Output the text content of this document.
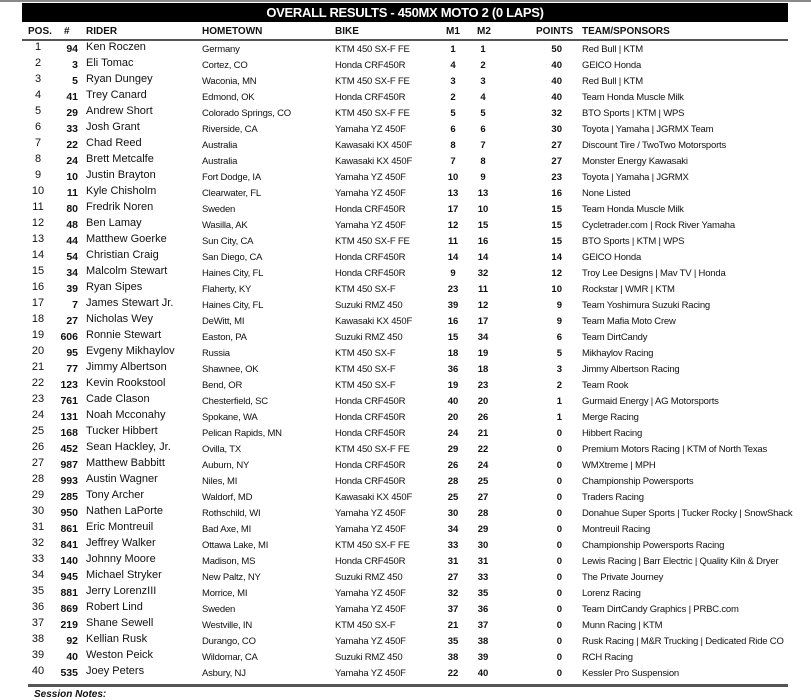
OVERALL RESULTS - 450MX MOTO 2 (0 LAPS)
POS. # RIDER	HOMETOWN	BIKE	M1 M2	POINTS TEAM/SPONSORS
1	94 Ken Roczen	Germany	KTM 450 SX-F FE	1	1	50 Red Bull | KTM
2	3 Eli Tomac	Cortez, CO	Honda CRF450R	4	2	40 GEICO Honda
3	5 Ryan Dungey	Waconia, MN	KTM 450 SX-F FE	3	3	40 Red Bull | KTM
4	41 Trey Canard	Edmond, OK	Honda CRF450R	2	4	40 Team Honda Muscle Milk
5	29 Andrew Short	Colorado Springs, CO	KTM 450 SX-F FE	5	5	32 BTO Sports | KTM | WPS
6	33 Josh Grant	Riverside, CA	Yamaha YZ 450F	6	6	30 Toyota | Yamaha | JGRMX Team
7	22 Chad Reed	Australia	Kawasaki KX 450F	8	7	27 Discount Tire / TwoTwo Motorsports
8	24 Brett Metcalfe	Australia	Kawasaki KX 450F	7	8	27 Monster Energy Kawasaki
9	10 Justin Brayton	Fort Dodge, IA	Yamaha YZ 450F	10	9	23 Toyota | Yamaha | JGRMX
10	11 Kyle Chisholm	Clearwater, FL	Yamaha YZ 450F	13	13	16 None Listed
11	80 Fredrik Noren	Sweden	Honda CRF450R	17	10	15 Team Honda Muscle Milk
12	48 Ben Lamay	Wasilla, AK	Yamaha YZ 450F	12	15	15 Cycletrader.com | Rock River Yamaha
13	44 Matthew Goerke	Sun City, CA	KTM 450 SX-F FE	11	16	15 BTO Sports | KTM | WPS
14	54 Christian Craig	San Diego, CA	Honda CRF450R	14	14	14 GEICO Honda
15	34 Malcolm Stewart	Haines City, FL	Honda CRF450R	9	32	12 Troy Lee Designs | Mav TV | Honda
16	39 Ryan Sipes	Flaherty, KY	KTM 450 SX-F	23	11	10 Rockstar | WMR | KTM
17	7 James Stewart Jr.	Haines City, FL	Suzuki RMZ 450	39	12	9 Team Yoshimura Suzuki Racing
18	27 Nicholas Wey	DeWitt, MI	Kawasaki KX 450F	16	17	9 Team Mafia Moto Crew
19	606 Ronnie Stewart	Easton, PA	Suzuki RMZ 450	15	34	6 Team DirtCandy
20	95 Evgeny Mikhaylov	Russia	KTM 450 SX-F	18	19	5 Mikhaylov Racing
21	77 Jimmy Albertson	Shawnee, OK	KTM 450 SX-F	36	18	3 Jimmy Albertson Racing
22	123 Kevin Rookstool	Bend, OR	KTM 450 SX-F	19	23	2 Team Rook
23	761 Cade Clason	Chesterfield, SC	Honda CRF450R	40	20	1 Gurmaid Energy | AG Motorsports
24	131 Noah Mcconahy	Spokane, WA	Honda CRF450R	20	26	1 Merge Racing
25	168 Tucker Hibbert	Pelican Rapids, MN	Honda CRF450R	24	21	0 Hibbert Racing
26	452 Sean Hackley, Jr.	Ovilla, TX	KTM 450 SX-F FE	29	22	0 Premium Motors Racing | KTM of North Texas
27	987 Matthew Babbitt	Auburn, NY	Honda CRF450R	26	24	0 WMXtreme | MPH
28	993 Austin Wagner	Niles, MI	Honda CRF450R	28	25	0 Championship Powersports
29	285 Tony Archer	Waldorf, MD	Kawasaki KX 450F	25	27	0 Traders Racing
30	950 Nathen LaPorte	Rothschild, WI	Yamaha YZ 450F	30	28	0 Donahue Super Sports | Tucker Rocky | SnowShack
31	861 Eric Montreuil	Bad Axe, MI	Yamaha YZ 450F	34	29	0 Montreuil Racing
32	841 Jeffrey Walker	Ottawa Lake, MI	KTM 450 SX-F FE	33	30	0 Championship Powersports Racing
33	140 Johnny Moore	Madison, MS	Honda CRF450R	31	31	0 Lewis Racing | Barr Electric | Quality Kiln & Dryer
34	945 Michael Stryker	New Paltz, NY	Suzuki RMZ 450	27	33	0 The Private Journey
35	881 Jerry LorenzIII	Morrice, MI	Yamaha YZ 450F	32	35	0 Lorenz Racing
36	869 Robert Lind	Sweden	Yamaha YZ 450F	37	36	0 Team DirtCandy Graphics | PRBC.com
37	219 Shane Sewell	Westville, IN	KTM 450 SX-F	21	37	0 Munn Racing | KTM
38	92 Kellian Rusk	Durango, CO	Yamaha YZ 450F	35	38	0 Rusk Racing | M&R Trucking | Dedicated Ride CO
39	40 Weston Peick	Wildomar, CA	Suzuki RMZ 450	38	39	0 RCH Racing
40	535 Joey Peters	Asbury, NJ	Yamaha YZ 450F	22	40	0 Kessler Pro Suspension
Session Notes:
